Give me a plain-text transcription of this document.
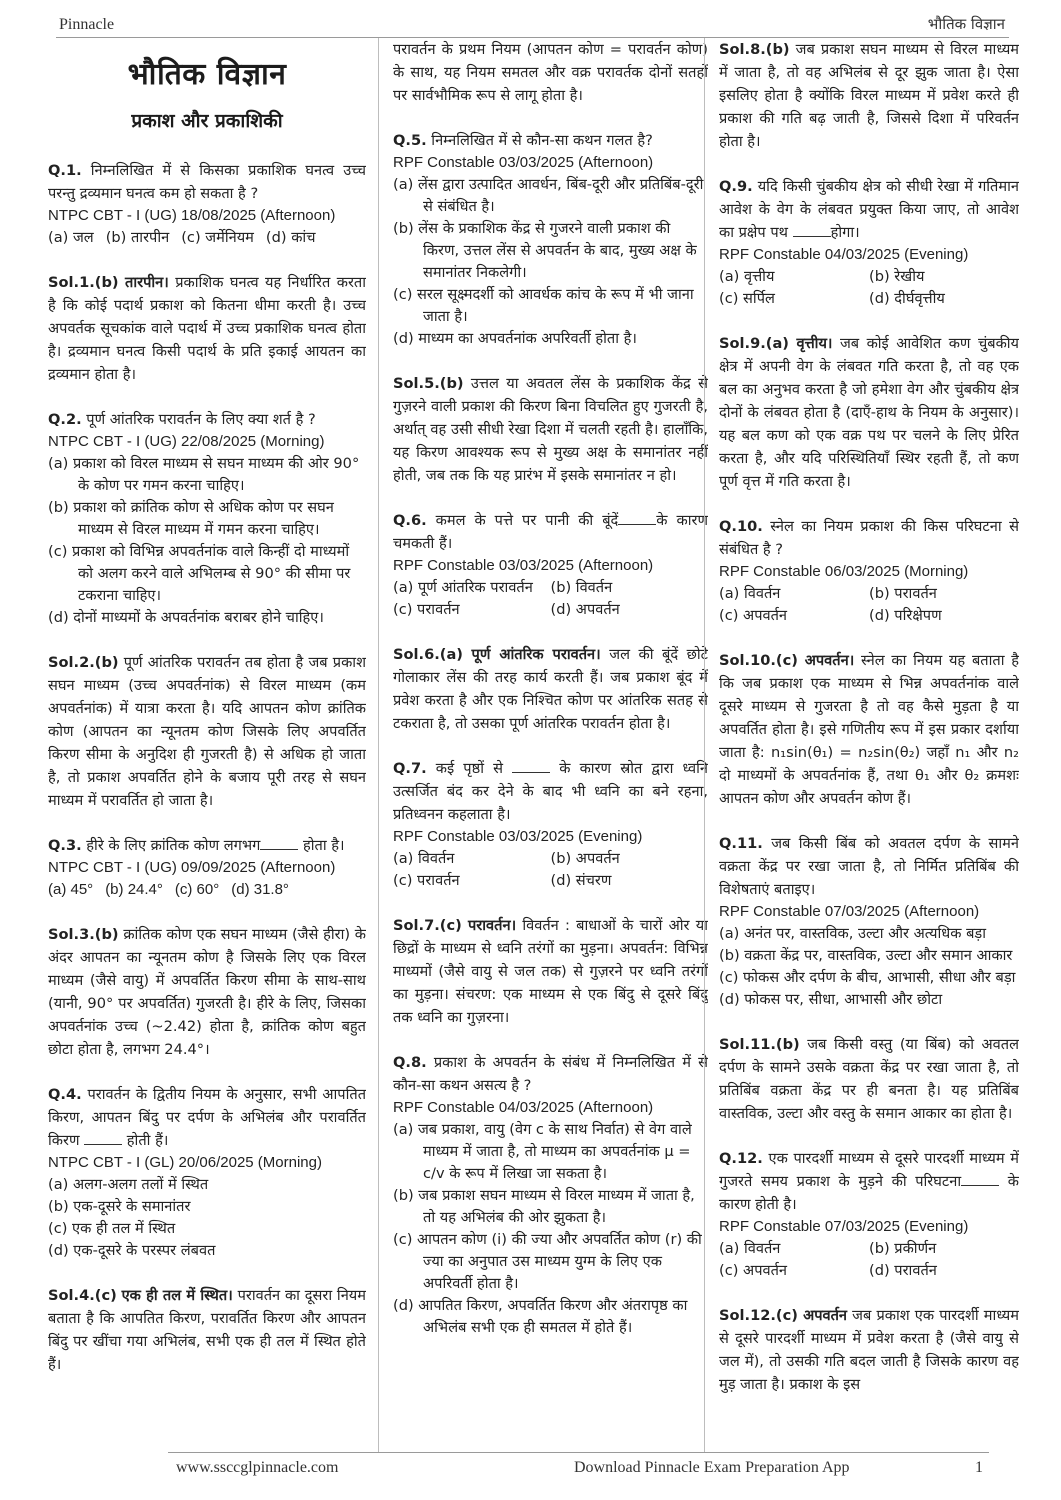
Pinnacle	भौतिक विज्ञान
भौतिक विज्ञान
प्रकाश और प्रकाशिकी

Q.1. निम्नलिखित में से किसका प्रकाशिक घनत्व उच्च परन्तु द्रव्यमान घनत्व कम हो सकता है ?

NTPC CBT - I (UG) 18/08/2025 (Afternoon)
(a) जल (b) तारपीन (c) जर्मेनियम (d) कांच

Sol.1.(b) तारपीन। प्रकाशिक घनत्व यह निर्धारित करता है कि कोई पदार्थ प्रकाश को कितना धीमा करती है। उच्च अपवर्तक सूचकांक वाले पदार्थ में उच्च प्रकाशिक घनत्व होता है। द्रव्यमान घनत्व किसी पदार्थ के प्रति इकाई आयतन का द्रव्यमान होता है।

Q.2. पूर्ण आंतरिक परावर्तन के लिए क्या शर्त है ?

NTPC CBT - I (UG) 22/08/2025 (Morning)
(a) प्रकाश को विरल माध्यम से सघन माध्यम की ओर 90° के कोण पर गमन करना चाहिए।
(b) प्रकाश को क्रांतिक कोण से अधिक कोण पर सघन माध्यम से विरल माध्यम में गमन करना चाहिए।
(c) प्रकाश को विभिन्न अपवर्तनांक वाले किन्हीं दो माध्यमों को अलग करने वाले अभिलम्ब से 90° की सीमा पर टकराना चाहिए।
(d) दोनों माध्यमों के अपवर्तनांक बराबर होने चाहिए।

Sol.2.(b) पूर्ण आंतरिक परावर्तन तब होता है जब प्रकाश सघन माध्यम (उच्च अपवर्तनांक) से विरल माध्यम (कम अपवर्तनांक) में यात्रा करता है। यदि आपतन कोण क्रांतिक कोण (आपतन का न्यूनतम कोण जिसके लिए अपवर्तित किरण सीमा के अनुदिश ही गुजरती है) से अधिक हो जाता है, तो प्रकाश अपवर्तित होने के बजाय पूरी तरह से सघन माध्यम में परावर्तित हो जाता है।

Q.3. हीरे के लिए क्रांतिक कोण लगभग	होता है।

NTPC CBT - I (UG) 09/09/2025 (Afternoon)
(a) 45° (b) 24.4° (c) 60° (d) 31.8°

Sol.3.(b) क्रांतिक कोण एक सघन माध्यम (जैसे हीरा) के अंदर आपतन का न्यूनतम कोण है जिसके लिए एक विरल माध्यम (जैसे वायु) में अपवर्तित किरण सीमा के साथ-साथ (यानी, 90° पर अपवर्तित) गुजरती है। हीरे के लिए, जिसका अपवर्तनांक उच्च (~2.42) होता है, क्रांतिक कोण बहुत छोटा होता है, लगभग 24.4°।

Q.4. परावर्तन के द्वितीय नियम के अनुसार, सभी आपतित किरण, आपतन बिंदु पर दर्पण के अभिलंब और परावर्तित किरण	होती हैं।

NTPC CBT - I (GL) 20/06/2025 (Morning)
(a) अलग-अलग तलों में स्थित
(b) एक-दूसरे के समानांतर
(c) एक ही तल में स्थित
(d) एक-दूसरे के परस्पर लंबवत

Sol.4.(c) एक ही तल में स्थित। परावर्तन का दूसरा नियम बताता है कि आपतित किरण, परावर्तित किरण और आपतन बिंदु पर खींचा गया अभिलंब, सभी एक ही तल में स्थित होते हैं।

परावर्तन के प्रथम नियम (आपतन कोण = परावर्तन कोण) के साथ, यह नियम समतल और वक्र परावर्तक दोनों सतहों पर सार्वभौमिक रूप से लागू होता है।

Q.5. निम्नलिखित में से कौन-सा कथन गलत है?

RPF Constable 03/03/2025 (Afternoon)
(a) लेंस द्वारा उत्पादित आवर्धन, बिंब-दूरी और प्रतिबिंब-दूरी से संबंधित है।
(b) लेंस के प्रकाशिक केंद्र से गुजरने वाली प्रकाश की किरण, उत्तल लेंस से अपवर्तन के बाद, मुख्य अक्ष के समानांतर निकलेगी।
(c) सरल सूक्ष्मदर्शी को आवर्धक कांच के रूप में भी जाना जाता है।
(d) माध्यम का अपवर्तनांक अपरिवर्ती होता है।

Sol.5.(b) उत्तल या अवतल लेंस के प्रकाशिक केंद्र से गुज़रने वाली प्रकाश की किरण बिना विचलित हुए गुजरती है, अर्थात् वह उसी सीधी रेखा दिशा में चलती रहती है। हालाँकि, यह किरण आवश्यक रूप से मुख्य अक्ष के समानांतर नहीं होती, जब तक कि यह प्रारंभ में इसके समानांतर न हो।

Q.6. कमल के पत्ते पर पानी की बूंदें	के कारण चमकती हैं।

RPF Constable 03/03/2025 (Afternoon)
(a) पूर्ण आंतरिक परावर्तन	(b) विवर्तन
(c) परावर्तन	(d) अपवर्तन

Sol.6.(a) पूर्ण आंतरिक परावर्तन। जल की बूंदें छोटे गोलाकार लेंस की तरह कार्य करती हैं। जब प्रकाश बूंद में प्रवेश करता है और एक निश्चित कोण पर आंतरिक सतह से टकराता है, तो उसका पूर्ण आंतरिक परावर्तन होता है।

Q.7. कई पृष्ठों से	के कारण स्रोत द्वारा ध्वनि उत्सर्जित बंद कर देने के बाद भी ध्वनि का बने रहना, प्रतिध्वनन कहलाता है।

RPF Constable 03/03/2025 (Evening)
(a) विवर्तन	(b) अपवर्तन
(c) परावर्तन	(d) संचरण

Sol.7.(c) परावर्तन। विवर्तन : बाधाओं के चारों ओर या छिद्रों के माध्यम से ध्वनि तरंगों का मुड़ना। अपवर्तन: विभिन्न माध्यमों (जैसे वायु से जल तक) से गुज़रने पर ध्वनि तरंगों का मुड़ना। संचरण: एक माध्यम से एक बिंदु से दूसरे बिंदु तक ध्वनि का गुज़रना।

Q.8. प्रकाश के अपवर्तन के संबंध में निम्नलिखित में से कौन-सा कथन असत्य है ?

RPF Constable 04/03/2025 (Afternoon)
(a) जब प्रकाश, वायु (वेग c के साथ निर्वात) से वेग वाले माध्यम में जाता है, तो माध्यम का अपवर्तनांक μ = c/v के रूप में लिखा जा सकता है।
(b) जब प्रकाश सघन माध्यम से विरल माध्यम में जाता है, तो यह अभिलंब की ओर झुकता है।
(c) आपतन कोण (i) की ज्या और अपवर्तित कोण (r) की ज्या का अनुपात उस माध्यम युग्म के लिए एक अपरिवर्ती होता है।
(d) आपतित किरण, अपवर्तित किरण और अंतरापृष्ठ का अभिलंब सभी एक ही समतल में होते हैं।

Sol.8.(b) जब प्रकाश सघन माध्यम से विरल माध्यम में जाता है, तो वह अभिलंब से दूर झुक जाता है। ऐसा इसलिए होता है क्योंकि विरल माध्यम में प्रवेश करते ही प्रकाश की गति बढ़ जाती है, जिससे दिशा में परिवर्तन होता है।

Q.9. यदि किसी चुंबकीय क्षेत्र को सीधी रेखा में गतिमान आवेश के वेग के लंबवत प्रयुक्त किया जाए, तो आवेश का प्रक्षेप पथ	होगा।

RPF Constable 04/03/2025 (Evening)
(a) वृत्तीय	(b) रेखीय
(c) सर्पिल	(d) दीर्घवृत्तीय

Sol.9.(a) वृत्तीय। जब कोई आवेशित कण चुंबकीय क्षेत्र में अपनी वेग के लंबवत गति करता है, तो वह एक बल का अनुभव करता है जो हमेशा वेग और चुंबकीय क्षेत्र दोनों के लंबवत होता है (दाएँ-हाथ के नियम के अनुसार)। यह बल कण को एक वक्र पथ पर चलने के लिए प्रेरित करता है, और यदि परिस्थितियाँ स्थिर रहती हैं, तो कण पूर्ण वृत्त में गति करता है।

Q.10. स्नेल का नियम प्रकाश की किस परिघटना से संबंधित है ?

RPF Constable 06/03/2025 (Morning)
(a) विवर्तन	(b) परावर्तन
(c) अपवर्तन	(d) परिक्षेपण

Sol.10.(c) अपवर्तन। स्नेल का नियम यह बताता है कि जब प्रकाश एक माध्यम से भिन्न अपवर्तनांक वाले दूसरे माध्यम से गुजरता है तो वह कैसे मुड़ता है या अपवर्तित होता है। इसे गणितीय रूप में इस प्रकार दर्शाया जाता है: n₁sin(θ₁) = n₂sin(θ₂) जहाँ n₁ और n₂ दो माध्यमों के अपवर्तनांक हैं, तथा θ₁ और θ₂ क्रमशः आपतन कोण और अपवर्तन कोण हैं।

Q.11. जब किसी बिंब को अवतल दर्पण के सामने वक्रता केंद्र पर रखा जाता है, तो निर्मित प्रतिबिंब की विशेषताएं बताइए।

RPF Constable 07/03/2025 (Afternoon)
(a) अनंत पर, वास्तविक, उल्टा और अत्यधिक बड़ा
(b) वक्रता केंद्र पर, वास्तविक, उल्टा और समान आकार
(c) फोकस और दर्पण के बीच, आभासी, सीधा और बड़ा
(d) फोकस पर, सीधा, आभासी और छोटा

Sol.11.(b) जब किसी वस्तु (या बिंब) को अवतल दर्पण के सामने उसके वक्रता केंद्र पर रखा जाता है, तो प्रतिबिंब वक्रता केंद्र पर ही बनता है। यह प्रतिबिंब वास्तविक, उल्टा और वस्तु के समान आकार का होता है।

Q.12. एक पारदर्शी माध्यम से दूसरे पारदर्शी माध्यम में गुजरते समय प्रकाश के मुड़ने की परिघटना	के कारण होती है।

RPF Constable 07/03/2025 (Evening)
(a) विवर्तन	(b) प्रकीर्णन
(c) अपवर्तन	(d) परावर्तन

Sol.12.(c) अपवर्तन जब प्रकाश एक पारदर्शी माध्यम से दूसरे पारदर्शी माध्यम में प्रवेश करता है (जैसे वायु से जल में), तो उसकी गति बदल जाती है जिसके कारण वह मुड़ जाता है। प्रकाश के इस

www.ssccglpinnacle.com	Download Pinnacle Exam Preparation App	1
